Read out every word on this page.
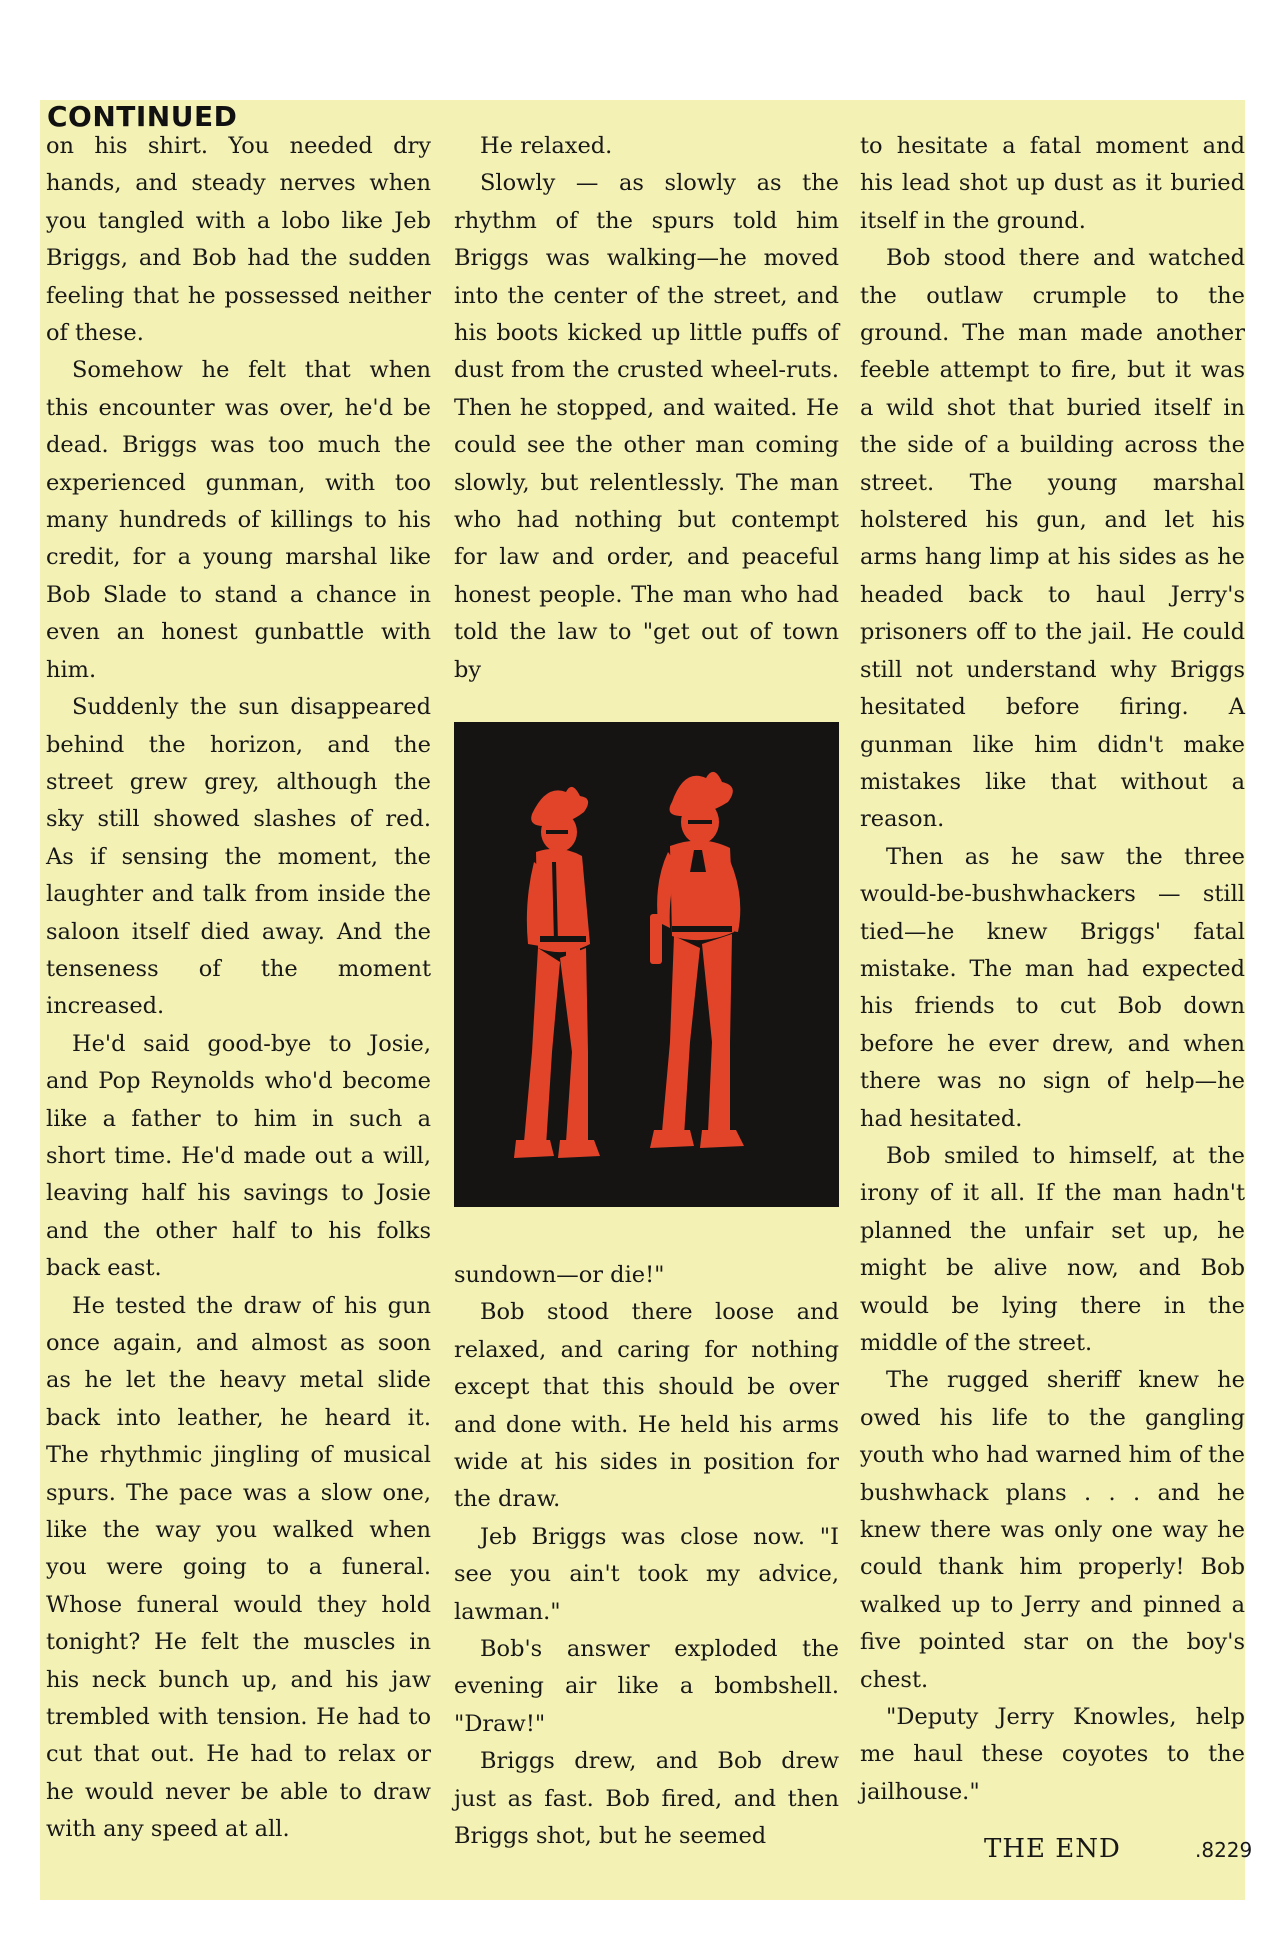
CONTINUED

on his shirt. You needed dry hands, and steady nerves when you tangled with a lobo like Jeb Briggs, and Bob had the sudden feeling that he possessed neither of these.

Somehow he felt that when this encounter was over, he'd be dead. Briggs was too much the experienced gunman, with too many hundreds of killings to his credit, for a young marshal like Bob Slade to stand a chance in even an honest gunbattle with him.

Suddenly the sun disappeared behind the horizon, and the street grew grey, although the sky still showed slashes of red. As if sensing the moment, the laughter and talk from inside the saloon itself died away. And the tenseness of the moment increased.

He'd said good-bye to Josie, and Pop Reynolds who'd become like a father to him in such a short time. He'd made out a will, leaving half his savings to Josie and the other half to his folks back east.

He tested the draw of his gun once again, and almost as soon as he let the heavy metal slide back into leather, he heard it. The rhythmic jingling of musical spurs. The pace was a slow one, like the way you walked when you were going to a funeral. Whose funeral would they hold tonight? He felt the muscles in his neck bunch up, and his jaw trembled with tension. He had to cut that out. He had to relax or he would never be able to draw with any speed at all.

He relaxed.

Slowly — as slowly as the rhythm of the spurs told him Briggs was walking—he moved into the center of the street, and his boots kicked up little puffs of dust from the crusted wheel-ruts. Then he stopped, and waited. He could see the other man coming slowly, but relentlessly. The man who had nothing but contempt for law and order, and peaceful honest people. The man who had told the law to "get out of town by

sundown—or die!"

Bob stood there loose and relaxed, and caring for nothing except that this should be over and done with. He held his arms wide at his sides in position for the draw.

Jeb Briggs was close now. "I see you ain't took my advice, lawman."

Bob's answer exploded the evening air like a bombshell. "Draw!"

Briggs drew, and Bob drew just as fast. Bob fired, and then Briggs shot, but he seemed

to hesitate a fatal moment and his lead shot up dust as it buried itself in the ground.

Bob stood there and watched the outlaw crumple to the ground. The man made another feeble attempt to fire, but it was a wild shot that buried itself in the side of a building across the street. The young marshal holstered his gun, and let his arms hang limp at his sides as he headed back to haul Jerry's prisoners off to the jail. He could still not understand why Briggs hesitated before firing. A gunman like him didn't make mistakes like that without a reason.

Then as he saw the three would-be-bushwhackers — still tied—he knew Briggs' fatal mistake. The man had expected his friends to cut Bob down before he ever drew, and when there was no sign of help—he had hesitated.

Bob smiled to himself, at the irony of it all. If the man hadn't planned the unfair set up, he might be alive now, and Bob would be lying there in the middle of the street.

The rugged sheriff knew he owed his life to the gangling youth who had warned him of the bushwhack plans . . . and he knew there was only one way he could thank him properly! Bob walked up to Jerry and pinned a five pointed star on the boy's chest.

"Deputy Jerry Knowles, help me haul these coyotes to the jailhouse."

THE END	.8229
